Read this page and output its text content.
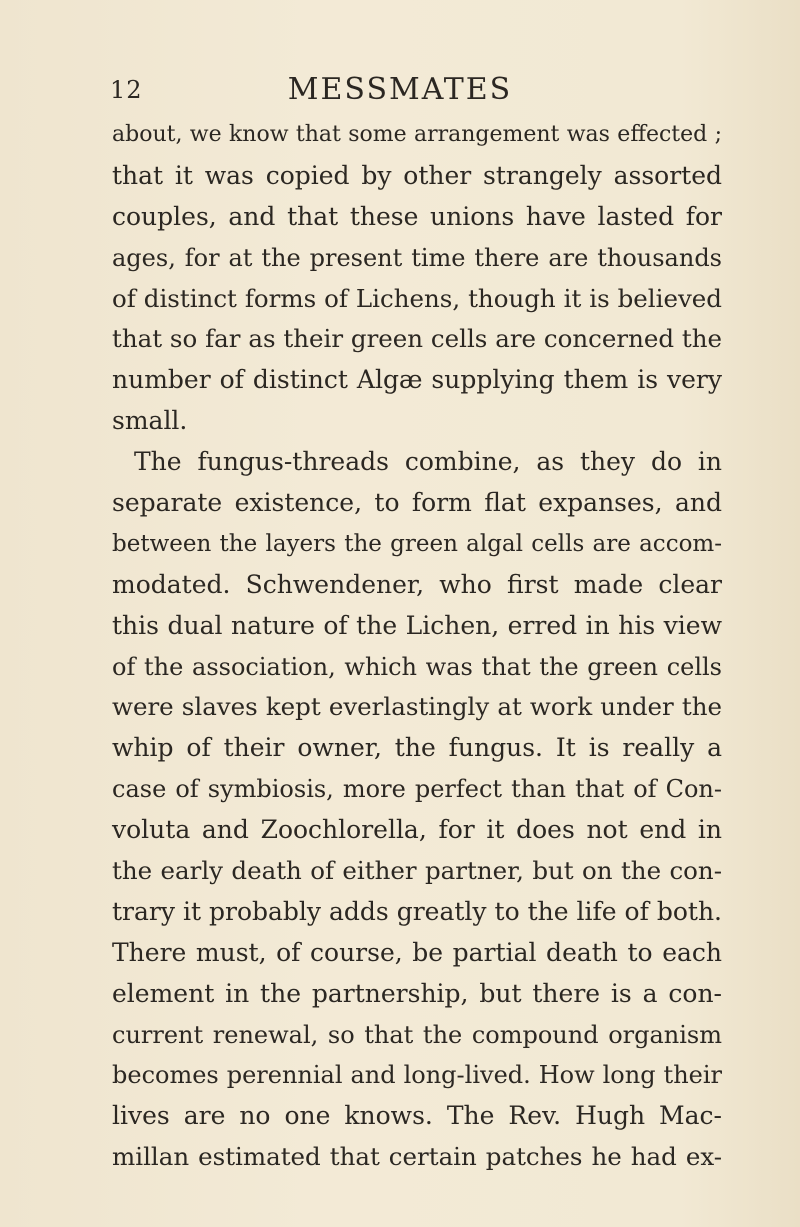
12	MESSMATES
about, we know that some arrangement was effected ;
that it was copied by other strangely assorted
couples, and that these unions have lasted for
ages, for at the present time there are thousands
of distinct forms of Lichens, though it is believed
that so far as their green cells are concerned the
number of distinct Algæ supplying them is very
small.
The fungus-threads combine, as they do in
separate existence, to form flat expanses, and
between the layers the green algal cells are accom-
modated. Schwendener, who first made clear
this dual nature of the Lichen, erred in his view
of the association, which was that the green cells
were slaves kept everlastingly at work under the
whip of their owner, the fungus. It is really a
case of symbiosis, more perfect than that of Con-
voluta and Zoochlorella, for it does not end in
the early death of either partner, but on the con-
trary it probably adds greatly to the life of both.
There must, of course, be partial death to each
element in the partnership, but there is a con-
current renewal, so that the compound organism
becomes perennial and long-lived. How long their
lives are no one knows. The Rev. Hugh Mac-
millan estimated that certain patches he had ex-
